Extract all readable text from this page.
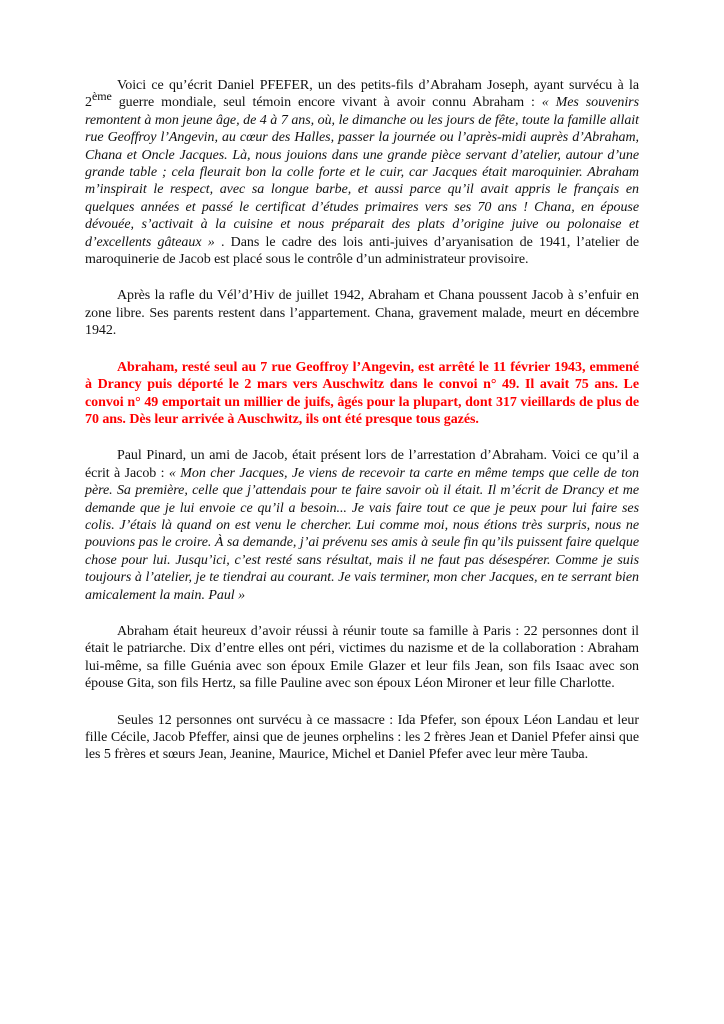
Voici ce qu’écrit Daniel PFEFER, un des petits-fils d’Abraham Joseph, ayant survécu à la 2ème guerre mondiale, seul témoin encore vivant à avoir connu Abraham : « Mes souvenirs remontent à mon jeune âge, de 4 à 7 ans, où, le dimanche ou les jours de fête, toute la famille allait rue Geoffroy l’Angevin, au cœur des Halles, passer la journée ou l’après-midi auprès d’Abraham, Chana et Oncle Jacques. Là, nous jouions dans une grande pièce servant d’atelier, autour d’une grande table ; cela fleurait bon la colle forte et le cuir, car Jacques était maroquinier. Abraham m’inspirait le respect, avec sa longue barbe, et aussi parce qu’il avait appris le français en quelques années et passé le certificat d’études primaires vers ses 70 ans ! Chana, en épouse dévouée, s’activait à la cuisine et nous préparait des plats d’origine juive ou polonaise et d’excellents gâteaux » . Dans le cadre des lois anti-juives d’aryanisation de 1941, l’atelier de maroquinerie de Jacob est placé sous le contrôle d’un administrateur provisoire.

Après la rafle du Vél’d’Hiv de juillet 1942, Abraham et Chana poussent Jacob à s’enfuir en zone libre. Ses parents restent dans l’appartement. Chana, gravement malade, meurt en décembre 1942.

Abraham, resté seul au 7 rue Geoffroy l’Angevin, est arrêté le 11 février 1943, emmené à Drancy puis déporté le 2 mars vers Auschwitz dans le convoi n° 49. Il avait 75 ans. Le convoi n° 49 emportait un millier de juifs, âgés pour la plupart, dont 317 vieillards de plus de 70 ans. Dès leur arrivée à Auschwitz, ils ont été presque tous gazés.

Paul Pinard, un ami de Jacob, était présent lors de l’arrestation d’Abraham. Voici ce qu’il a écrit à Jacob : « Mon cher Jacques, Je viens de recevoir ta carte en même temps que celle de ton père. Sa première, celle que j’attendais pour te faire savoir où il était. Il m’écrit de Drancy et me demande que je lui envoie ce qu’il a besoin... Je vais faire tout ce que je peux pour lui faire ses colis. J’étais là quand on est venu le chercher. Lui comme moi, nous étions très surpris, nous ne pouvions pas le croire. À sa demande, j’ai prévenu ses amis à seule fin qu’ils puissent faire quelque chose pour lui. Jusqu’ici, c’est resté sans résultat, mais il ne faut pas désespérer. Comme je suis toujours à l’atelier, je te tiendrai au courant. Je vais terminer, mon cher Jacques, en te serrant bien amicalement la main. Paul »

Abraham était heureux d’avoir réussi à réunir toute sa famille à Paris : 22 personnes dont il était le patriarche. Dix d’entre elles ont péri, victimes du nazisme et de la collaboration : Abraham lui-même, sa fille Guénia avec son époux Emile Glazer et leur fils Jean, son fils Isaac avec son épouse Gita, son fils Hertz, sa fille Pauline avec son époux Léon Mironer et leur fille Charlotte.

Seules 12 personnes ont survécu à ce massacre : Ida Pfefer, son époux Léon Landau et leur fille Cécile, Jacob Pfeffer, ainsi que de jeunes orphelins : les 2 frères Jean et Daniel Pfefer ainsi que les 5 frères et sœurs Jean, Jeanine, Maurice, Michel et Daniel Pfefer avec leur mère Tauba.
